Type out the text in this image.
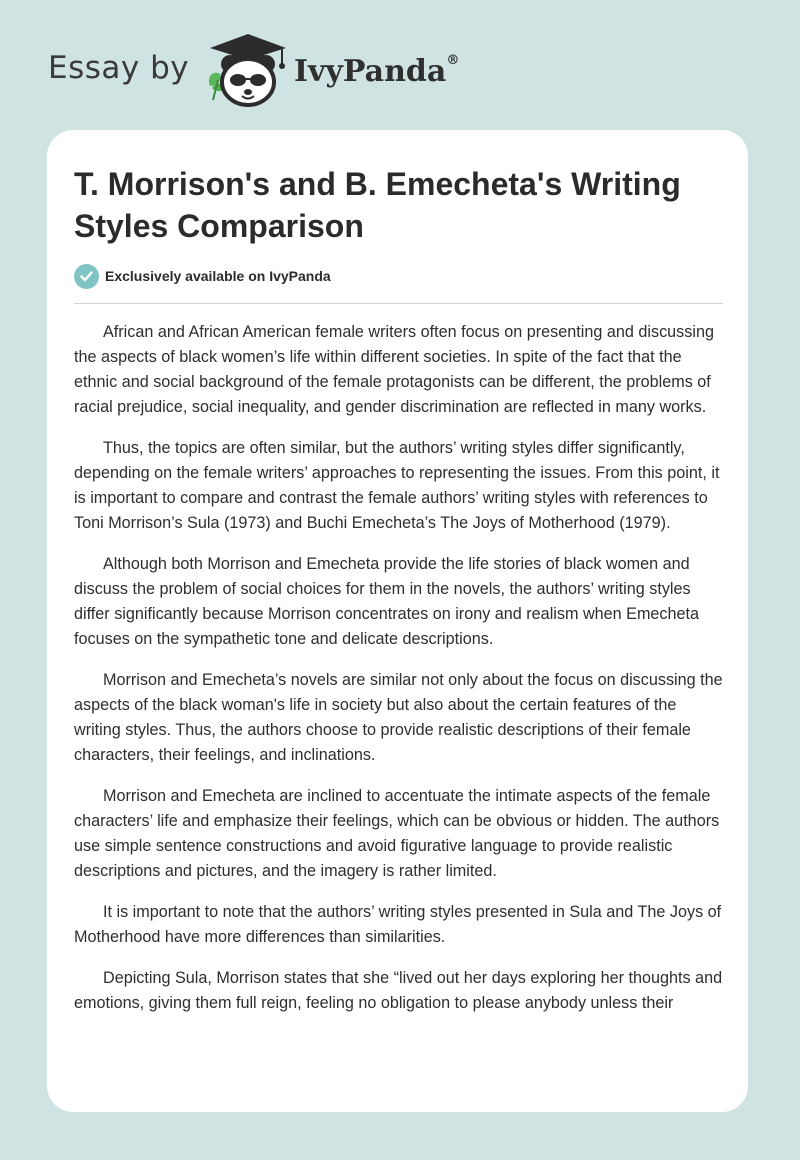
Essay by	IvyPanda®
T. Morrison's and B. Emecheta's Writing Styles Comparison
Exclusively available on IvyPanda

African and African American female writers often focus on presenting and discussing the aspects of black women’s life within different societies. In spite of the fact that the ethnic and social background of the female protagonists can be different, the problems of racial prejudice, social inequality, and gender discrimination are reflected in many works.

Thus, the topics are often similar, but the authors’ writing styles differ significantly, depending on the female writers’ approaches to representing the issues. From this point, it is important to compare and contrast the female authors’ writing styles with references to Toni Morrison’s Sula (1973) and Buchi Emecheta’s The Joys of Motherhood (1979).

Although both Morrison and Emecheta provide the life stories of black women and discuss the problem of social choices for them in the novels, the authors’ writing styles differ significantly because Morrison concentrates on irony and realism when Emecheta focuses on the sympathetic tone and delicate descriptions.

Morrison and Emecheta’s novels are similar not only about the focus on discussing the aspects of the black woman's life in society but also about the certain features of the writing styles. Thus, the authors choose to provide realistic descriptions of their female characters, their feelings, and inclinations.

Morrison and Emecheta are inclined to accentuate the intimate aspects of the female characters’ life and emphasize their feelings, which can be obvious or hidden. The authors use simple sentence constructions and avoid figurative language to provide realistic descriptions and pictures, and the imagery is rather limited.

It is important to note that the authors’ writing styles presented in Sula and The Joys of Motherhood have more differences than similarities.

Depicting Sula, Morrison states that she “lived out her days exploring her thoughts and emotions, giving them full reign, feeling no obligation to please anybody unless their
